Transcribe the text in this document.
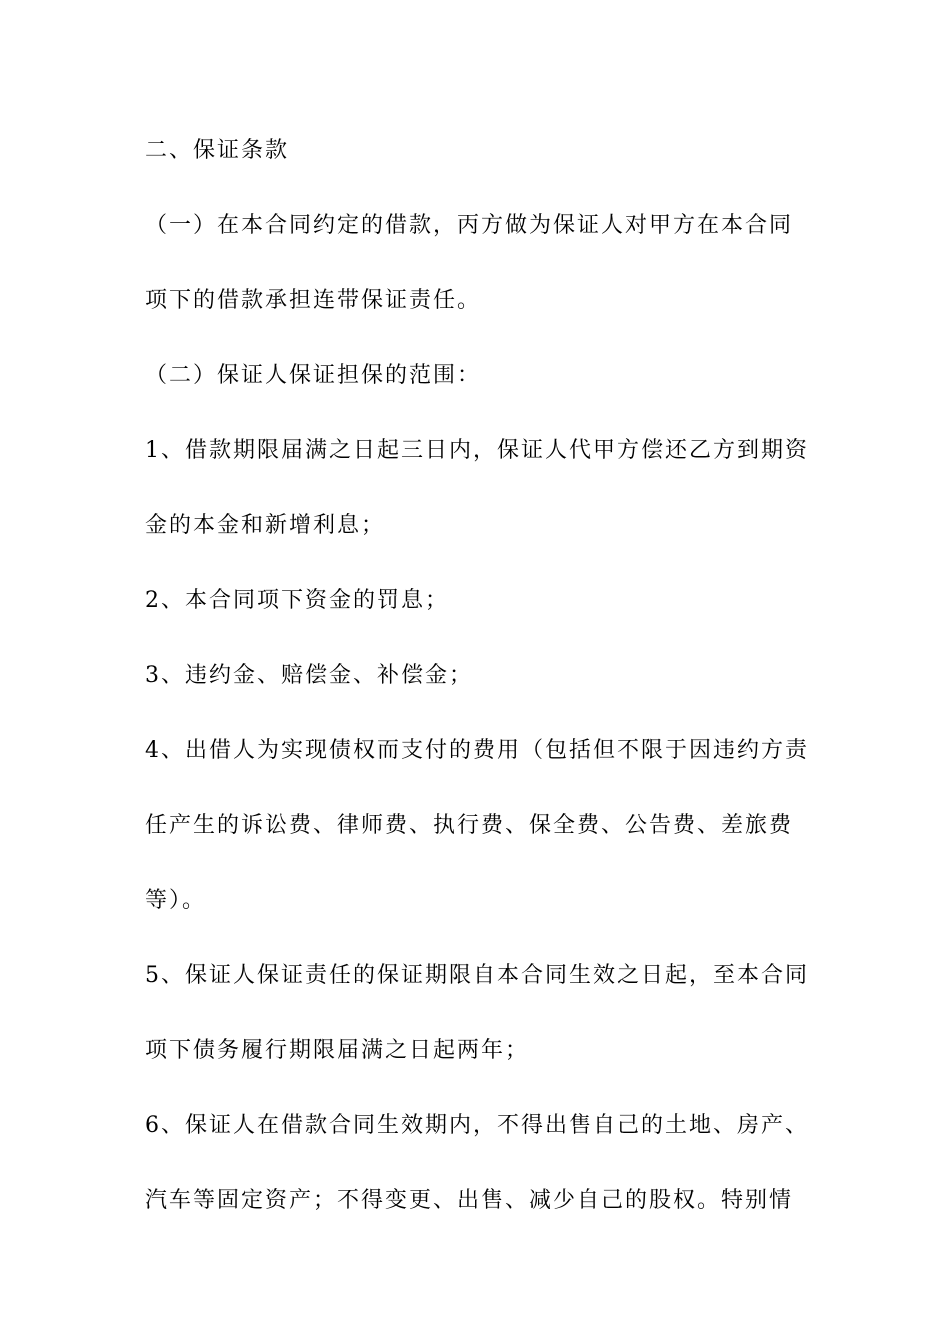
二、保证条款
（一）在本合同约定的借款，丙方做为保证人对甲方在本合同
项下的借款承担连带保证责任。
（二）保证人保证担保的范围：
1、借款期限届满之日起三日内，保证人代甲方偿还乙方到期资
金的本金和新增利息；
2、本合同项下资金的罚息；
3、违约金、赔偿金、补偿金；
4、出借人为实现债权而支付的费用（包括但不限于因违约方责
任产生的诉讼费、律师费、执行费、保全费、公告费、差旅费
等）。
5、保证人保证责任的保证期限自本合同生效之日起，至本合同
项下债务履行期限届满之日起两年；
6、保证人在借款合同生效期内，不得出售自己的土地、房产、
汽车等固定资产；不得变更、出售、减少自己的股权。特别情
